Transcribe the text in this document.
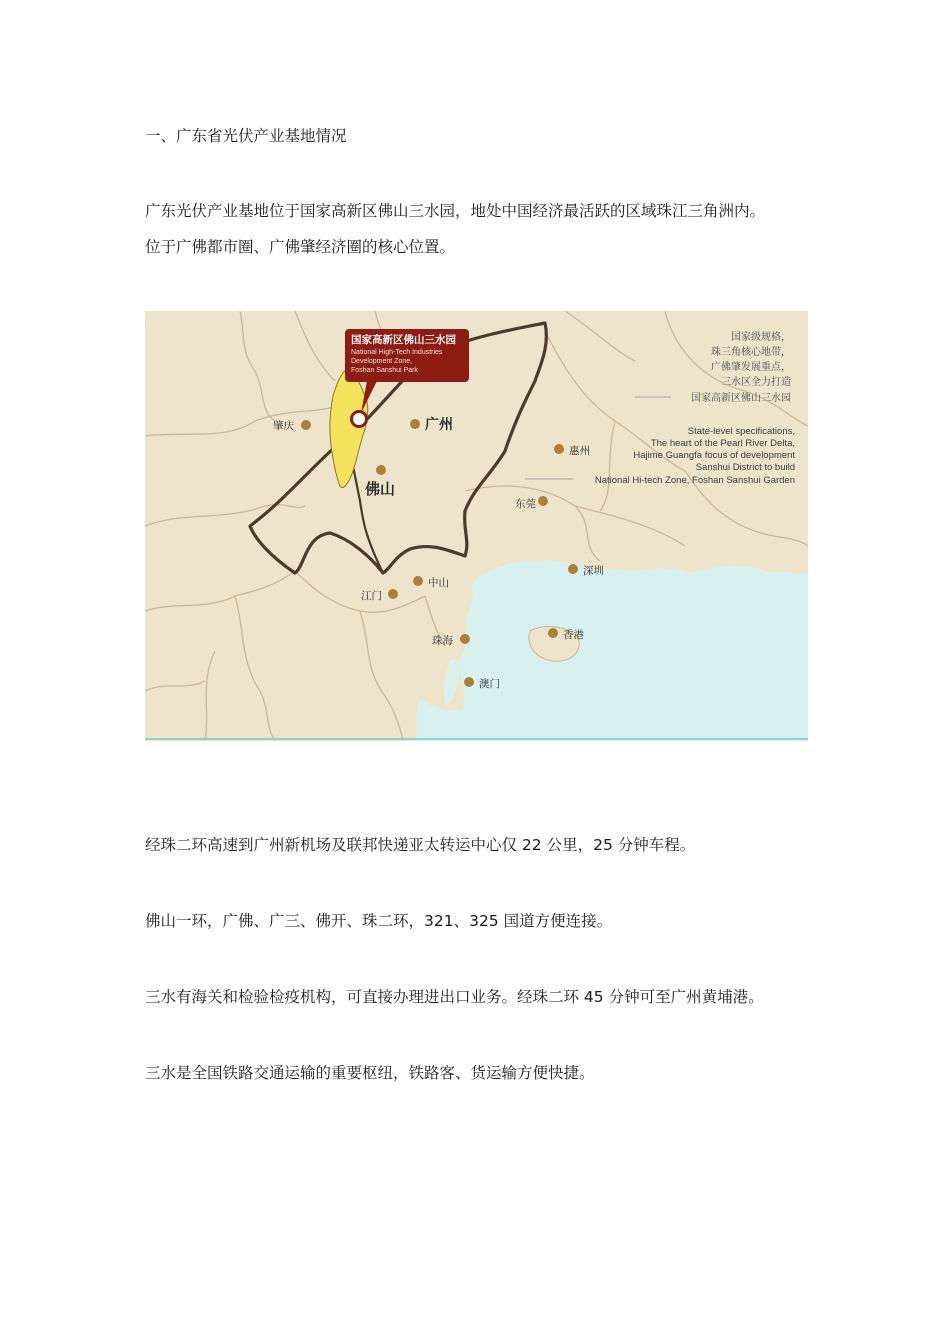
一、广东省光伏产业基地情况

广东光伏产业基地位于国家高新区佛山三水园，地处中国经济最活跃的区域珠江三角洲内。

位于广佛都市圈、广佛肇经济圈的核心位置。

国家高新区佛山三水园
National High-Tech Industries
Development Zone,
Foshan Sanshui Park
肇庆	广州
佛山
惠州
东莞
深圳
中山
江门
珠海	香港
澳门
国家级规格，
珠三角核心地带，
广佛肇发展重点，
三水区全力打造
国家高新区佛山三水园
State-level specifications,
The heart of the Pearl River Delta,
Hajime Guangfa focus of development
Sanshui District to build
National Hi-tech Zone, Foshan Sanshui Garden

经珠二环高速到广州新机场及联邦快递亚太转运中心仅 22 公里，25 分钟车程。

佛山一环，广佛、广三、佛开、珠二环，321、325 国道方便连接。

三水有海关和检验检疫机构，可直接办理进出口业务。经珠二环 45 分钟可至广州黄埔港。

三水是全国铁路交通运输的重要枢纽，铁路客、货运输方便快捷。
